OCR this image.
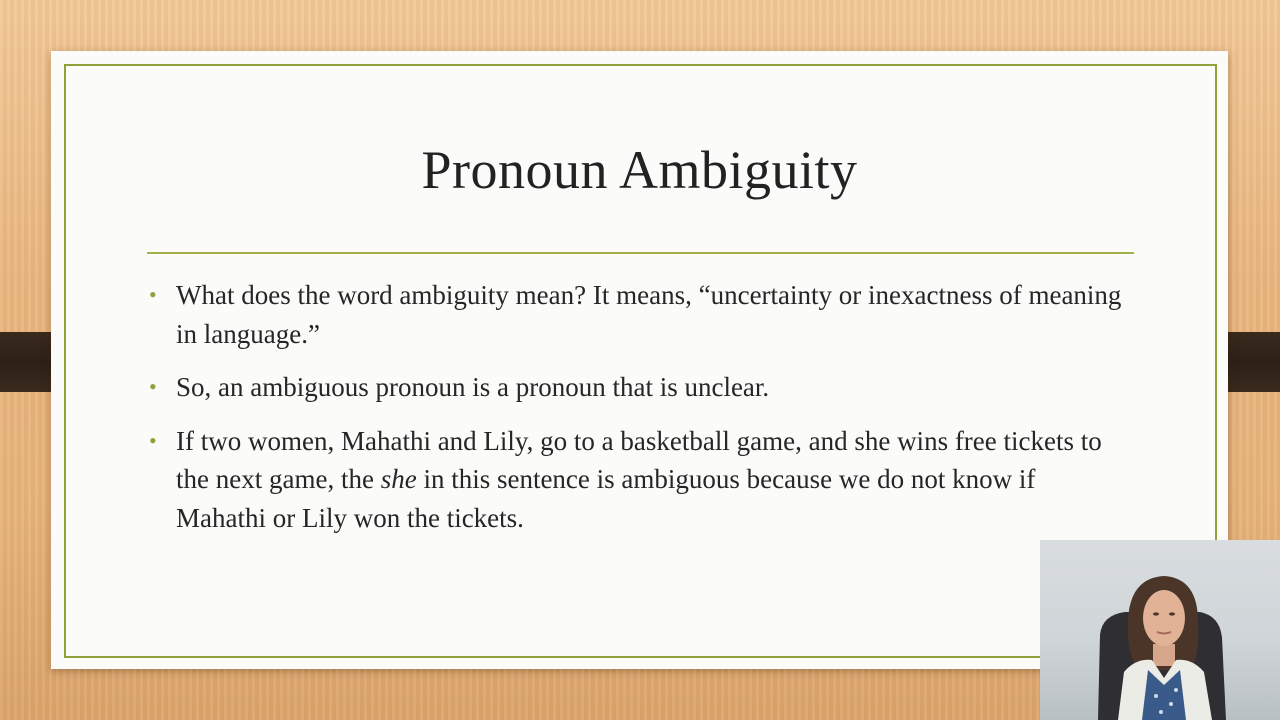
Pronoun Ambiguity
• What does the word ambiguity mean? It means, “uncertainty or inexactness of meaning in language.”
• So, an ambiguous pronoun is a pronoun that is unclear.
• If two women, Mahathi and Lily, go to a basketball game, and she wins free tickets to the next game, the she in this sentence is ambiguous because we do not know if Mahathi or Lily won the tickets.
